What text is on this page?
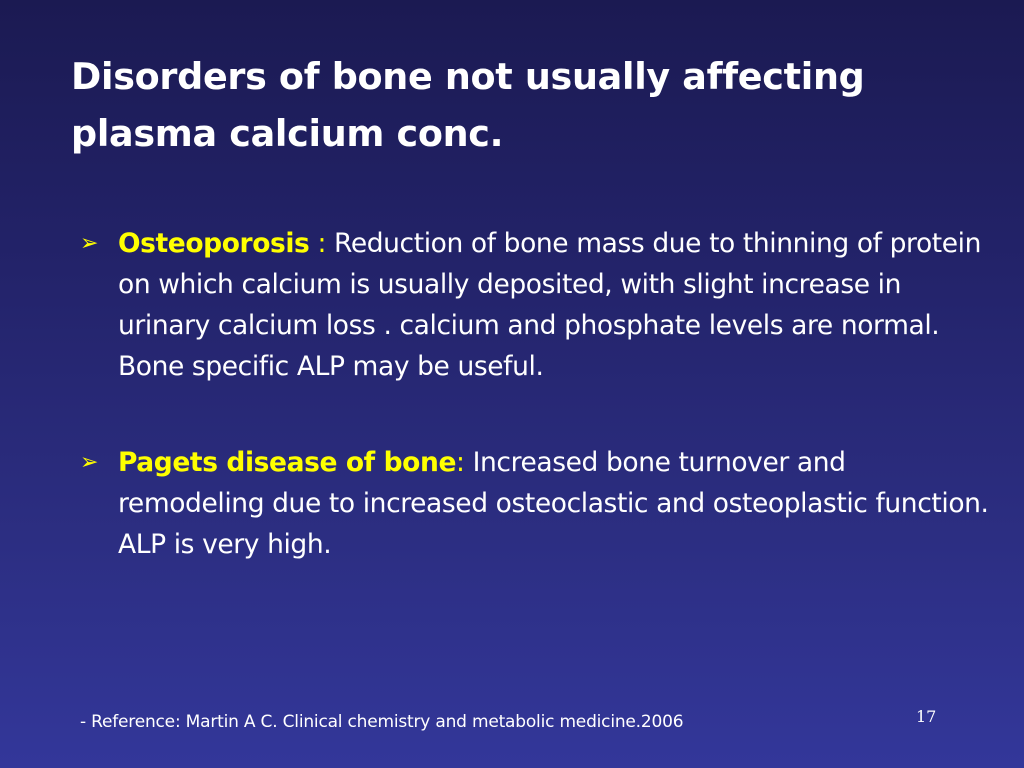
Disorders of bone not usually affecting plasma calcium conc.
➢ Osteoporosis : Reduction of bone mass due to thinning of protein on which calcium is usually deposited, with slight increase in urinary calcium loss . calcium and phosphate levels are normal. Bone specific ALP may be useful.
➢ Pagets disease of bone: Increased bone turnover and remodeling due to increased osteoclastic and osteoplastic function. ALP is very high.
- Reference: Martin A C. Clinical chemistry and metabolic medicine.2006	17
